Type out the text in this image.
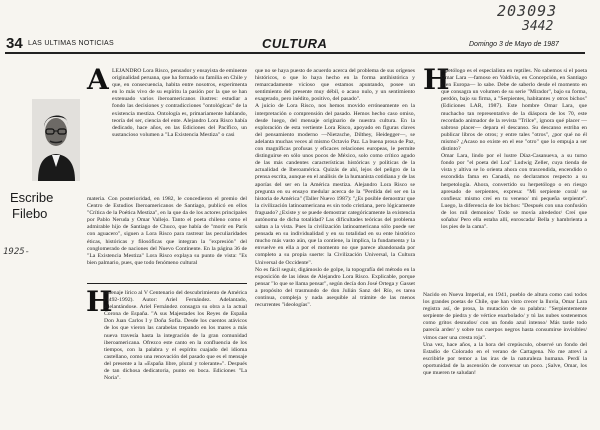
203093
3442
1925-
34 LAS ULTIMAS NOTICIAS	CULTURA	Domingo 3 de Mayo de 1987
Escribe
Filebo
A LEJANDRO Lora Risco, pensador y ensayista de eminente originalidad peruana, que ha formado su familia en Chile y que, en consecuencia, habita entre nosotros, experimenta en lo más vivo de su espíritu la pasión por la que se han extenuado varios iberoamericanos ilustres: estudiar a fondo las decisiones y contradicciones "ontológicas" de la existencia mestiza. Ontología es, primariamente hablando, teoría del ser, ciencia del ente. Alejandro Lora Risco había dedicado, hace años, en las Ediciones del Pacífico, un sustancioso volumen a "La Existencia Mestiza" o casi
materia. Con posterioridad, en 1982, le concedieron el premio del Centro de Estudios Iberoamericanos de Santiago, publicó en ellos "Crítica de la Poética Mestiza", en la que da de los actores principales por Pablo Neruda y Omar Vallejo. Tanto el poeta chileno como el admirable hijo de Santiago de Chuco, que había de "morir en París con aguacero", siguen a Lora Risco para rastrear las peculiaridades éticas, históricas y filosóficas que integran la "expresión" del conglomerado de naciones del Nuevo Continente. En la página 36 de "La Existencia Mestiza" Lora Risco explaya su punto de vista: "Es bien palmario, pues, que todo fenómeno cultural
H
omenaje lírico al V Centenario del descubrimiento de América (1492-1992). Autor: Ariel Fernández. Adelantado, adelantándose. Ariel Fernández consagra su obra a la actual Corona de España. "A sus Majestades los Reyes de España Don Juan Carlos I y Doña Sofía. Desde los cuentos atávicos de los que vieron las carabelas trepando en los mares a más nueva travesía hasta la integración de la gran comunidad iberoamericana. Ofrezco este canto en la confluencia de los tiempos, con la palabra y el espíritu cuajado del idioma castellano, como una renovación del pasado que es el mensaje del presente a la «España libre, plural y tolerante»". Después de tan dichosa dedicatoria, punto en boca. Ediciones "La Noria".
que no se haya puesto de acuerdo acerca del problema de sus orígenes históricos, o que lo haya hecho en la forma antihistórica y remarcadamente vicioso que estamos apuntando, posee un sentimiento del presente muy débil, o acaso nulo, y un sentimiento exagerado, pero inédito, positivo, del pasado".
A juicio de Lora Risco, nos hemos movido erróneamente en la interpretación o comprensión del pasado. Hemos hecho caso omiso, desde luego, del mensaje originario de nuestra cultura. En la exploración de esta vertiente Lora Risco, apoyado en figuras claves del pensamiento moderno —Nietzsche, Dilthey, Heidegger—, se adelanta muchas veces al mismo Octavio Paz. La buena prosa de Paz, con magníficas profusas y eficaces relaciones europeas, le permite distinguirse en sólo unos pocos de México, solo como crítico agudo de las más candentes características históricas y políticas de la actualidad de Iberoamérica. Quizás de ahí, lejos del peligro de la prensa escrita, aunque en el análisis de la humanista cotidiana y de las aporías del ser en la América mestiza. Alejandro Lora Risco se pregunta en su ensayo medular acerca de la "Perdida del ser en la historia de América" (Taller Nuevo 1987): "¿Es posible demostrar que la civilización latinoamericana es sin todo cristiana, pero lógicamente fraguado? ¿Existe y se puede demostrar categóricamente la existencia autónoma de dicha totalidad? Las dificultades teóricas del problema saltan a la vista. Pues la civilización latinoamericana sólo puede ser pensada en su individualidad y en su totalidad en su ente histórico mucho más vasto aún, que la contiene, la implica, la fundamenta y la envuelve en ella a por el momento no que parece abandonada por completo a su propia suerte: la Civilización Universal, la Cultura Universal de Occidente".
No es fácil seguir, digámoslo de golpe, la topografía del método en la exposición de las ideas de Alejandro Lora Risco. Explicable, porque pensar "lo que se llama pensar", según decía don José Ortega y Gasset a propósito del trasmundo de don Julián Sanz del Río, es tarea continua, compleja y nada asequible al trámite de las menos recurrentes "ideologías".
H
erpetólogo es el especialista en reptiles. No sabemos si el poeta Omar Lara —famoso en Valdivia, en Concepción, en Santiago y en Europa— lo sabe. Debe de saberlo desde el momento en que consagra un volumen de su serie "Mirador", bajo su forma, perdón, bajo su firma, a "Serpientes, habitantes y otros bichos" (Ediciones LAR, 1987). Este hombre Omar Lara, que muchacho tan representativo de la diáspora de los 70, este recordado animador de la revista "Trilce", ignora qué placer —sabroso placer— depara el descanso. Su descanso estriba en publicar libros de otros; y entre tales "otros", ¿por qué no él mismo? ¿Acaso no existe en el ese "otro" que lo empuja a ser distinto?
Omar Lara, lindo por el lustre Díaz-Casanueva, a su turno fondo por "el poeta del Loa" Ludwig Zeller, cuya tienda de vista y altiva se lo orienta ahora con trascendida, encendido o escondida fama en Canadá, no declaramos respecto a su herpetología. Ahora, convertido su herpetólogo o en riesgo apresado de serpientes, expresa: "Mi serpiente coral/ se confiesa: mismo creí en tu veneno/ mi pequeña serpiente". Luego, la diferencia de los bichos: "Después con una confusión de los mil demonios/ Todo se movía alrededor/ Creí que soñaba/ Pero ella estaba allí, enroscada/ Bella y hambrienta a los pies de la cama".
Nacido en Nueva Imperial, en 1941, pueblo de altura como casi todos los grandes poetas de Chile, que han visto crecer la lluvia, Omar Lara registra así, de prosa, la mutación de su palabra: "Serpientemente serpiente de piedra y de vértice enarbolado/ y tú las nubes sostenemos como gritos desnudos/ con un fondo azul intenso/ Más tarde todo parecía arder/ y sobre tus cuerpos negros hasta consumirse invisibles/ vimos caer una cresta roja".
Una vez, hace años, a la hora del crepúsculo, observé un fondo del Estadio de Colorado en el verano de Cartagena. No me atreví a escribirle por temor a las iras de la naturaleza humana. Perdí la oportunidad de la ascensión de conversar un poco. ¡Salve, Omar, los que mueren te saludan!
